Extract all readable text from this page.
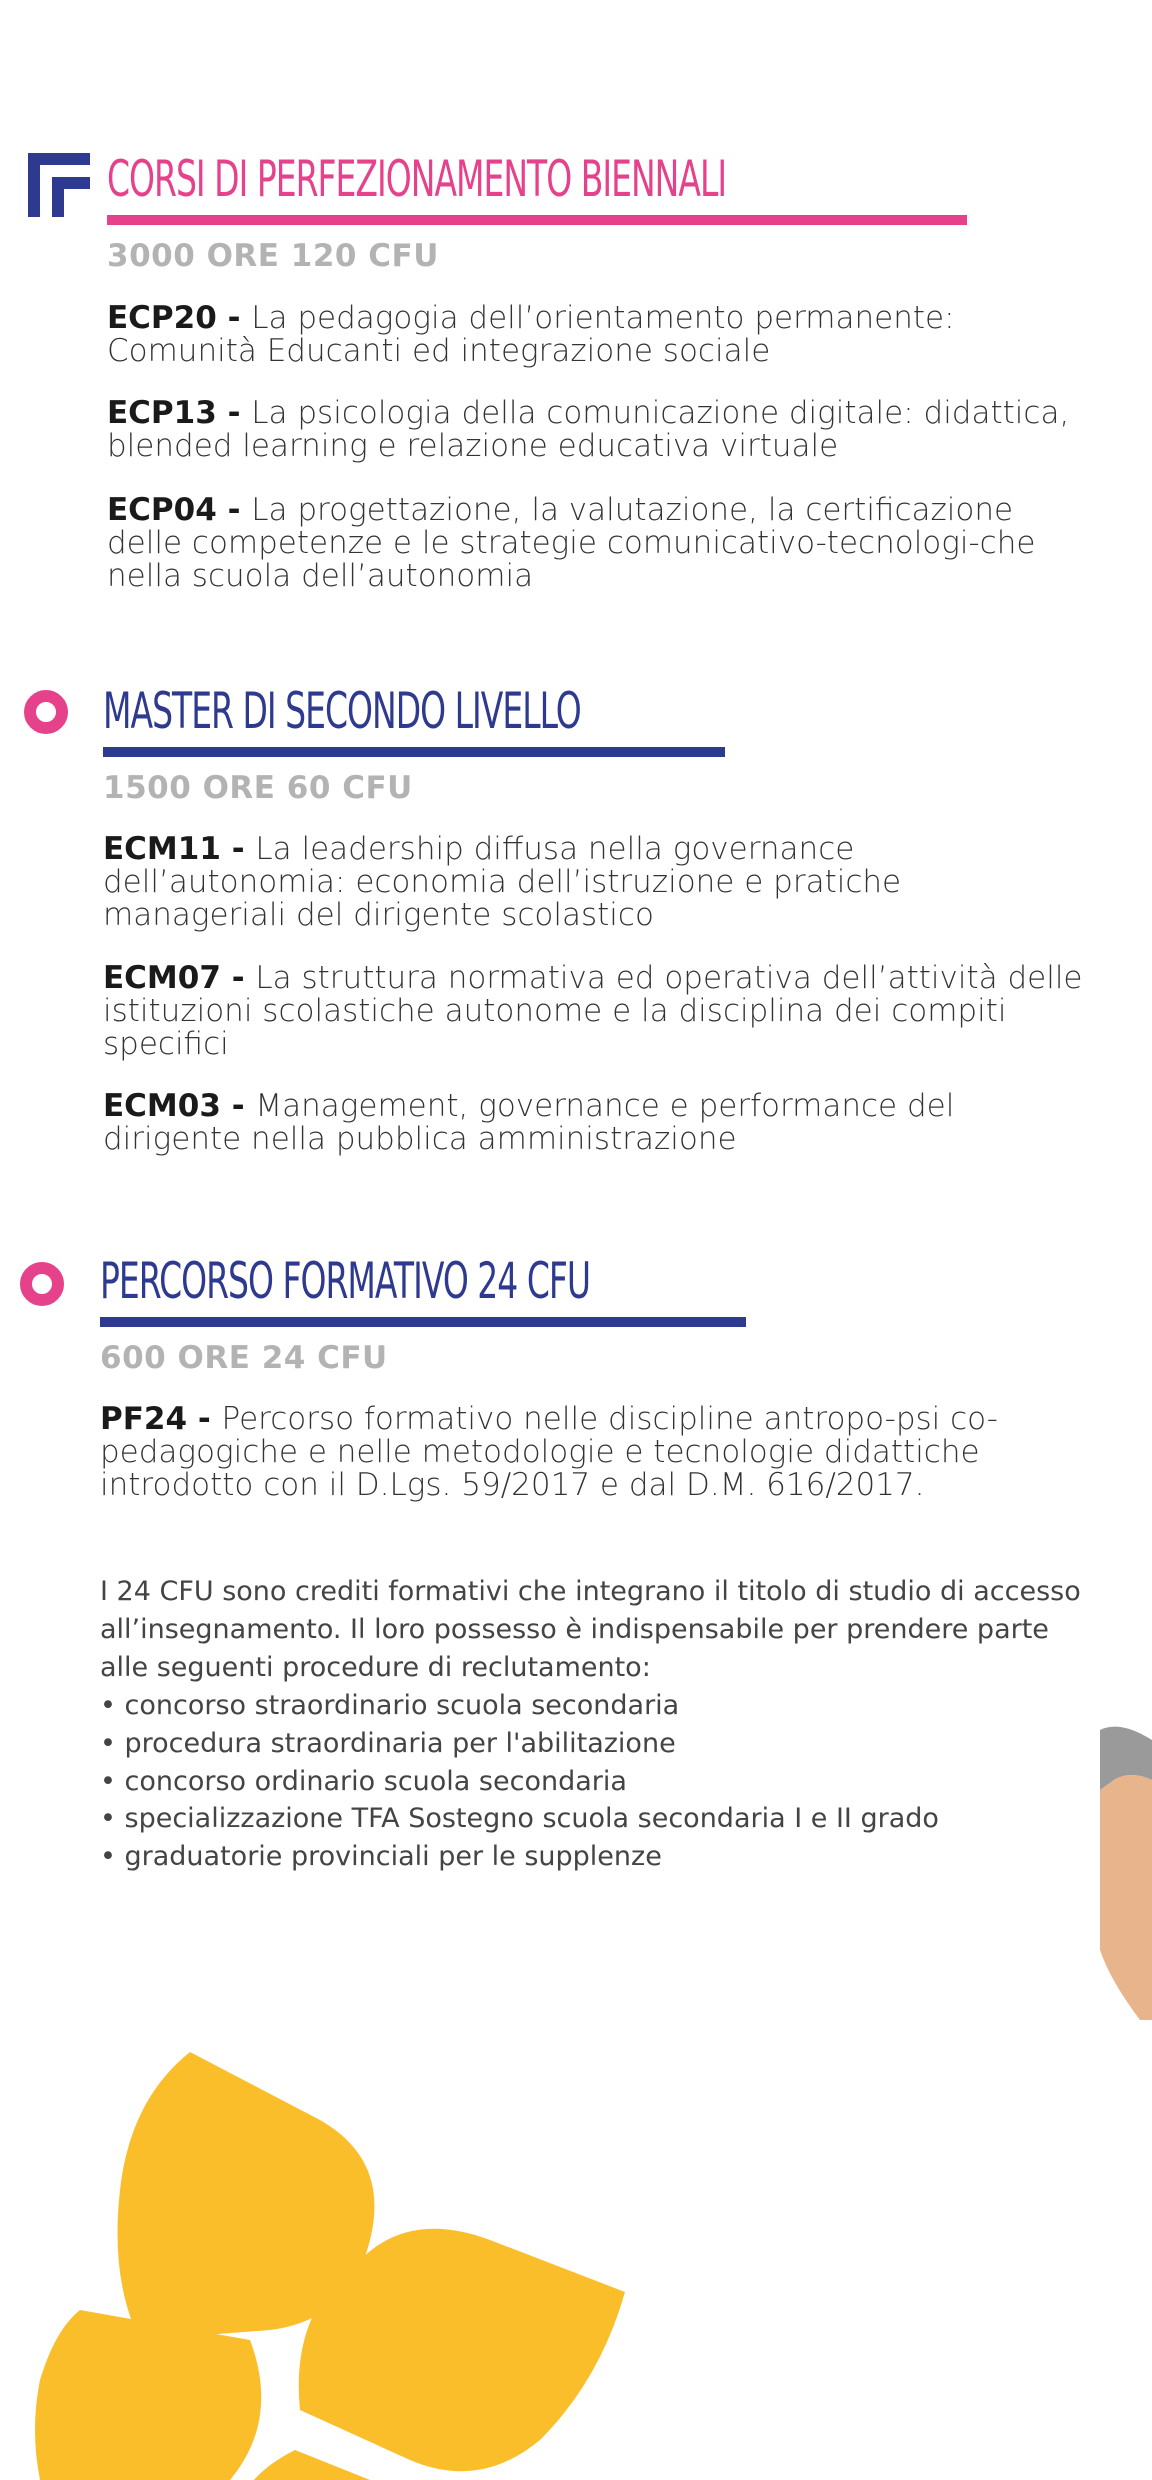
CORSI DI PERFEZIONAMENTO BIENNALI
3000 ORE 120 CFU
ECP20 - La pedagogia dell’orientamento permanente: Comunità Educanti ed integrazione sociale
ECP13 - La psicologia della comunicazione digitale: didattica, blended learning e relazione educativa virtuale
ECP04 - La progettazione, la valutazione, la certificazione delle competenze e le strategie comunicativo-tecnologi-che nella scuola dell’autonomia
MASTER DI SECONDO LIVELLO
1500 ORE 60 CFU
ECM11 - La leadership diffusa nella governance dell’autonomia: economia dell’istruzione e pratiche manageriali del dirigente scolastico
ECM07 - La struttura normativa ed operativa dell’attività delle istituzioni scolastiche autonome e la disciplina dei compiti specifici
ECM03 - Management, governance e performance del dirigente nella pubblica amministrazione
PERCORSO FORMATIVO 24 CFU
600 ORE 24 CFU
PF24 - Percorso formativo nelle discipline antropo-psi co-pedagogiche e nelle metodologie e tecnologie didattiche introdotto con il D.Lgs. 59/2017 e dal D.M. 616/2017.
I 24 CFU sono crediti formativi che integrano il titolo di studio di accesso all’insegnamento. Il loro possesso è indispensabile per prendere parte alle seguenti procedure di reclutamento:
• concorso straordinario scuola secondaria
• procedura straordinaria per l'abilitazione
• concorso ordinario scuola secondaria
• specializzazione TFA Sostegno scuola secondaria I e II grado
• graduatorie provinciali per le supplenze
